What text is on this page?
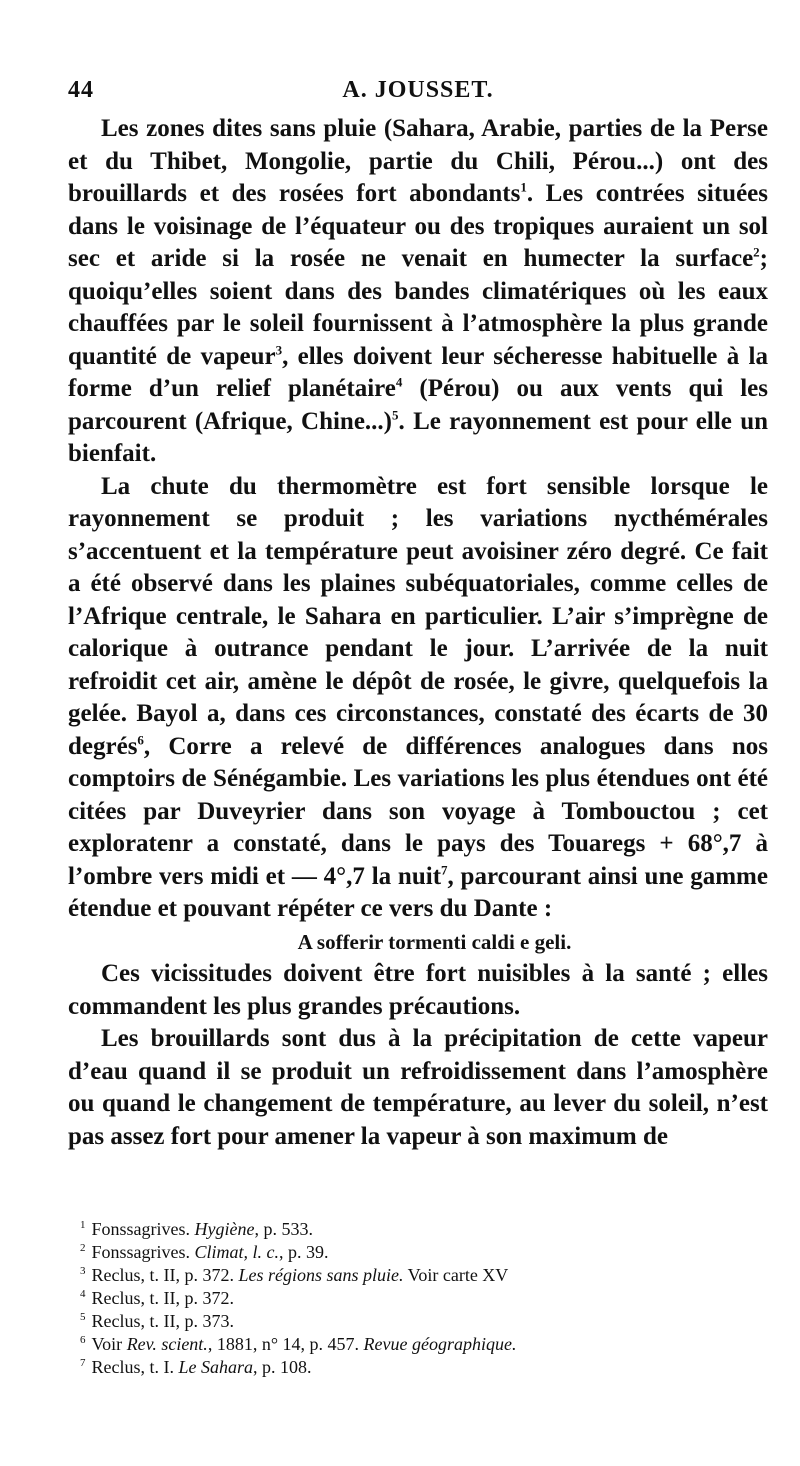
44	A. JOUSSET.

Les zones dites sans pluie (Sahara, Arabie, parties de la Perse et du Thibet, Mongolie, partie du Chili, Pérou...) ont des brouillards et des rosées fort abondants$^1$. Les contrées situées dans le voisinage de l’équateur ou des tropiques auraient un sol sec et aride si la rosée ne venait en humecter la surface$^2$; quoiqu’elles soient dans des bandes climatériques où les eaux chauffées par le soleil fournissent à l’atmosphère la plus grande quantité de vapeur$^3$, elles doivent leur sécheresse habituelle à la forme d’un relief planétaire$^4$ (Pérou) ou aux vents qui les parcourent (Afrique, Chine...)$^5$. Le rayonnement est pour elle un bienfait.

La chute du thermomètre est fort sensible lorsque le rayonnement se produit ; les variations nycthémérales s’accentuent et la température peut avoisiner zéro degré. Ce fait a été observé dans les plaines subéquatoriales, comme celles de l’Afrique centrale, le Sahara en particulier. L’air s’imprègne de calorique à outrance pendant le jour. L’arrivée de la nuit refroidit cet air, amène le dépôt de rosée, le givre, quelquefois la gelée. Bayol a, dans ces circonstances, constaté des écarts de 30 degrés$^6$, Corre a relevé de différences analogues dans nos comptoirs de Sénégambie. Les variations les plus étendues ont été citées par Duveyrier dans son voyage à Tombouctou ; cet exploratenr a constaté, dans le pays des Touaregs + 68°,7 à l’ombre vers midi et — 4°,7 la nuit$^7$, parcourant ainsi une gamme étendue et pouvant répéter ce vers du Dante :

A sofferir tormenti caldi e geli.

Ces vicissitudes doivent être fort nuisibles à la santé ; elles commandent les plus grandes précautions.

Les brouillards sont dus à la précipitation de cette vapeur d’eau quand il se produit un refroidissement dans l’amosphère ou quand le changement de température, au lever du soleil, n’est pas assez fort pour amener la vapeur à son maximum de

$^1$ Fonssagrives. Hygiène, p. 533.
$^2$ Fonssagrives. Climat, l. c., p. 39.
$^3$ Reclus, t. II, p. 372. Les régions sans pluie. Voir carte XV
$^4$ Reclus, t. II, p. 372.
$^5$ Reclus, t. II, p. 373.
$^6$ Voir Rev. scient., 1881, n° 14, p. 457. Revue géographique.
$^7$ Reclus, t. I. Le Sahara, p. 108.
